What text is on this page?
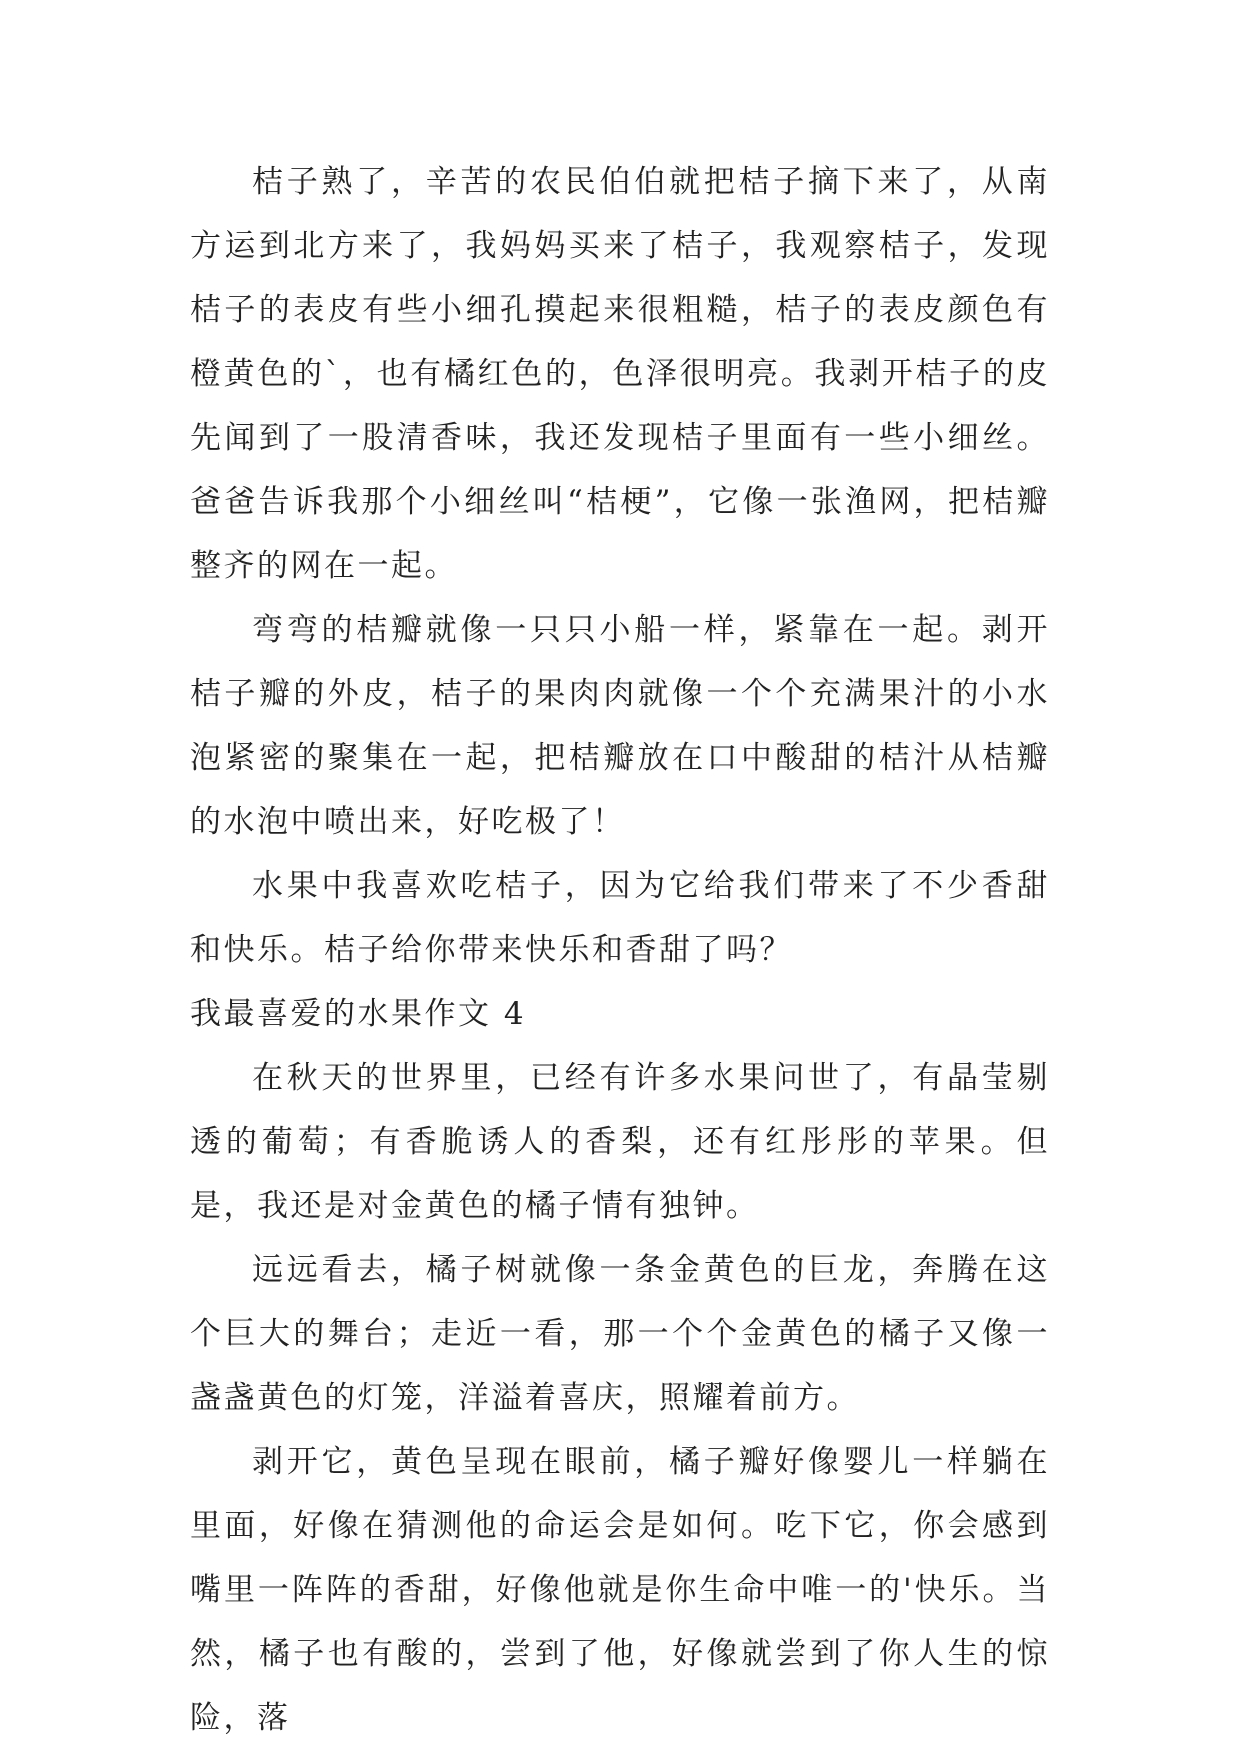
桔子熟了，辛苦的农民伯伯就把桔子摘下来了，从南方运到北方来了，我妈妈买来了桔子，我观察桔子，发现桔子的表皮有些小细孔摸起来很粗糙，桔子的表皮颜色有橙黄色的`，也有橘红色的，色泽很明亮。我剥开桔子的皮先闻到了一股清香味，我还发现桔子里面有一些小细丝。爸爸告诉我那个小细丝叫“桔梗”，它像一张渔网，把桔瓣整齐的网在一起。

弯弯的桔瓣就像一只只小船一样，紧靠在一起。剥开桔子瓣的外皮，桔子的果肉肉就像一个个充满果汁的小水泡紧密的聚集在一起，把桔瓣放在口中酸甜的桔汁从桔瓣的水泡中喷出来，好吃极了！

水果中我喜欢吃桔子，因为它给我们带来了不少香甜和快乐。桔子给你带来快乐和香甜了吗？

我最喜爱的水果作文 4

在秋天的世界里，已经有许多水果问世了，有晶莹剔透的葡萄；有香脆诱人的香梨，还有红彤彤的苹果。但是，我还是对金黄色的橘子情有独钟。

远远看去，橘子树就像一条金黄色的巨龙，奔腾在这个巨大的舞台；走近一看，那一个个金黄色的橘子又像一盏盏黄色的灯笼，洋溢着喜庆，照耀着前方。

剥开它，黄色呈现在眼前，橘子瓣好像婴儿一样躺在里面，好像在猜测他的命运会是如何。吃下它，你会感到嘴里一阵阵的香甜，好像他就是你生命中唯一的'快乐。当然，橘子也有酸的，尝到了他，好像就尝到了你人生的惊险，落
